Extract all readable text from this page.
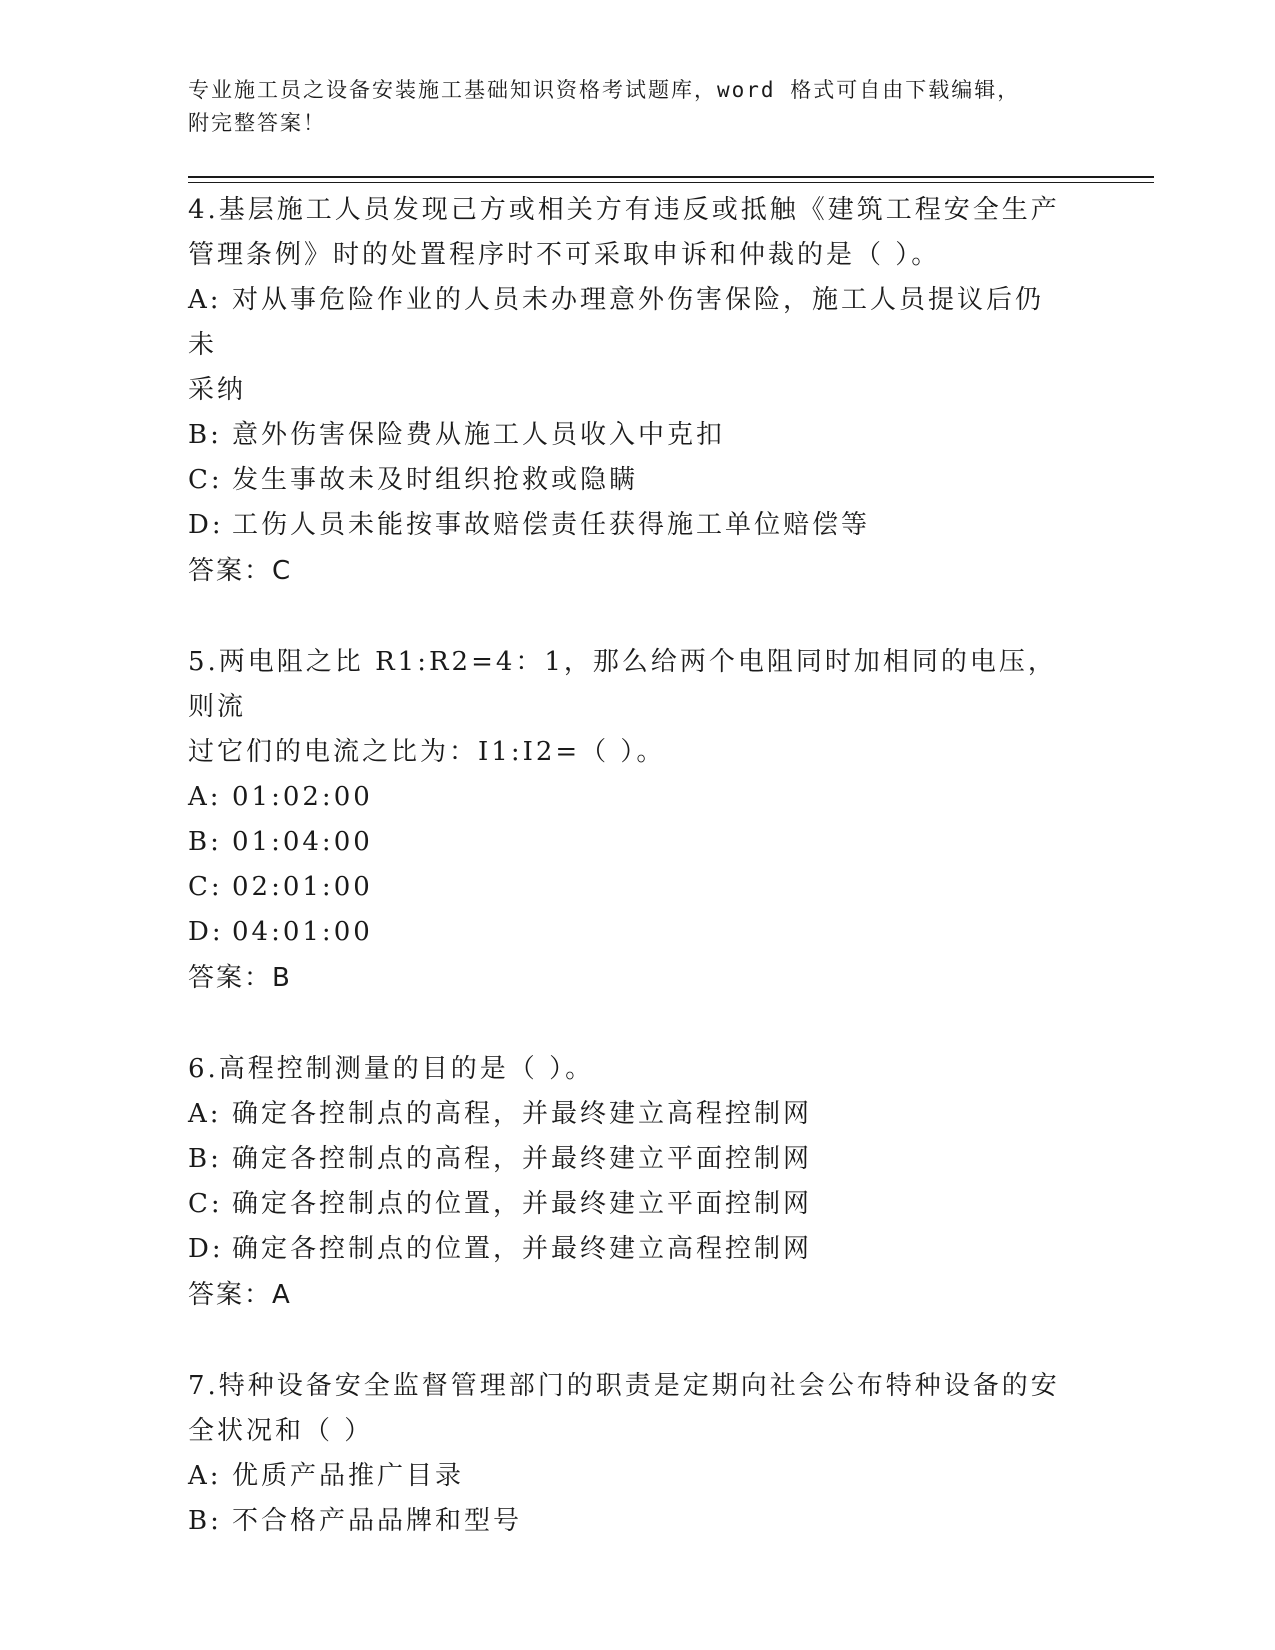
专业施工员之设备安装施工基础知识资格考试题库，word 格式可自由下载编辑，
附完整答案！
4.基层施工人员发现己方或相关方有违反或抵触《建筑工程安全生产
管理条例》时的处置程序时不可采取申诉和仲裁的是（ ）。
A: 对从事危险作业的人员未办理意外伤害保险，施工人员提议后仍未
采纳
B: 意外伤害保险费从施工人员收入中克扣
C: 发生事故未及时组织抢救或隐瞒
D: 工伤人员未能按事故赔偿责任获得施工单位赔偿等
答案：C
5.两电阻之比 R1:R2=4：1，那么给两个电阻同时加相同的电压，则流
过它们的电流之比为：I1:I2=（ ）。
A: 01:02:00
B: 01:04:00
C: 02:01:00
D: 04:01:00
答案：B
6.高程控制测量的目的是（ ）。
A: 确定各控制点的高程，并最终建立高程控制网
B: 确定各控制点的高程，并最终建立平面控制网
C: 确定各控制点的位置，并最终建立平面控制网
D: 确定各控制点的位置，并最终建立高程控制网
答案：A
7.特种设备安全监督管理部门的职责是定期向社会公布特种设备的安
全状况和（ ）
A: 优质产品推广目录
B: 不合格产品品牌和型号
